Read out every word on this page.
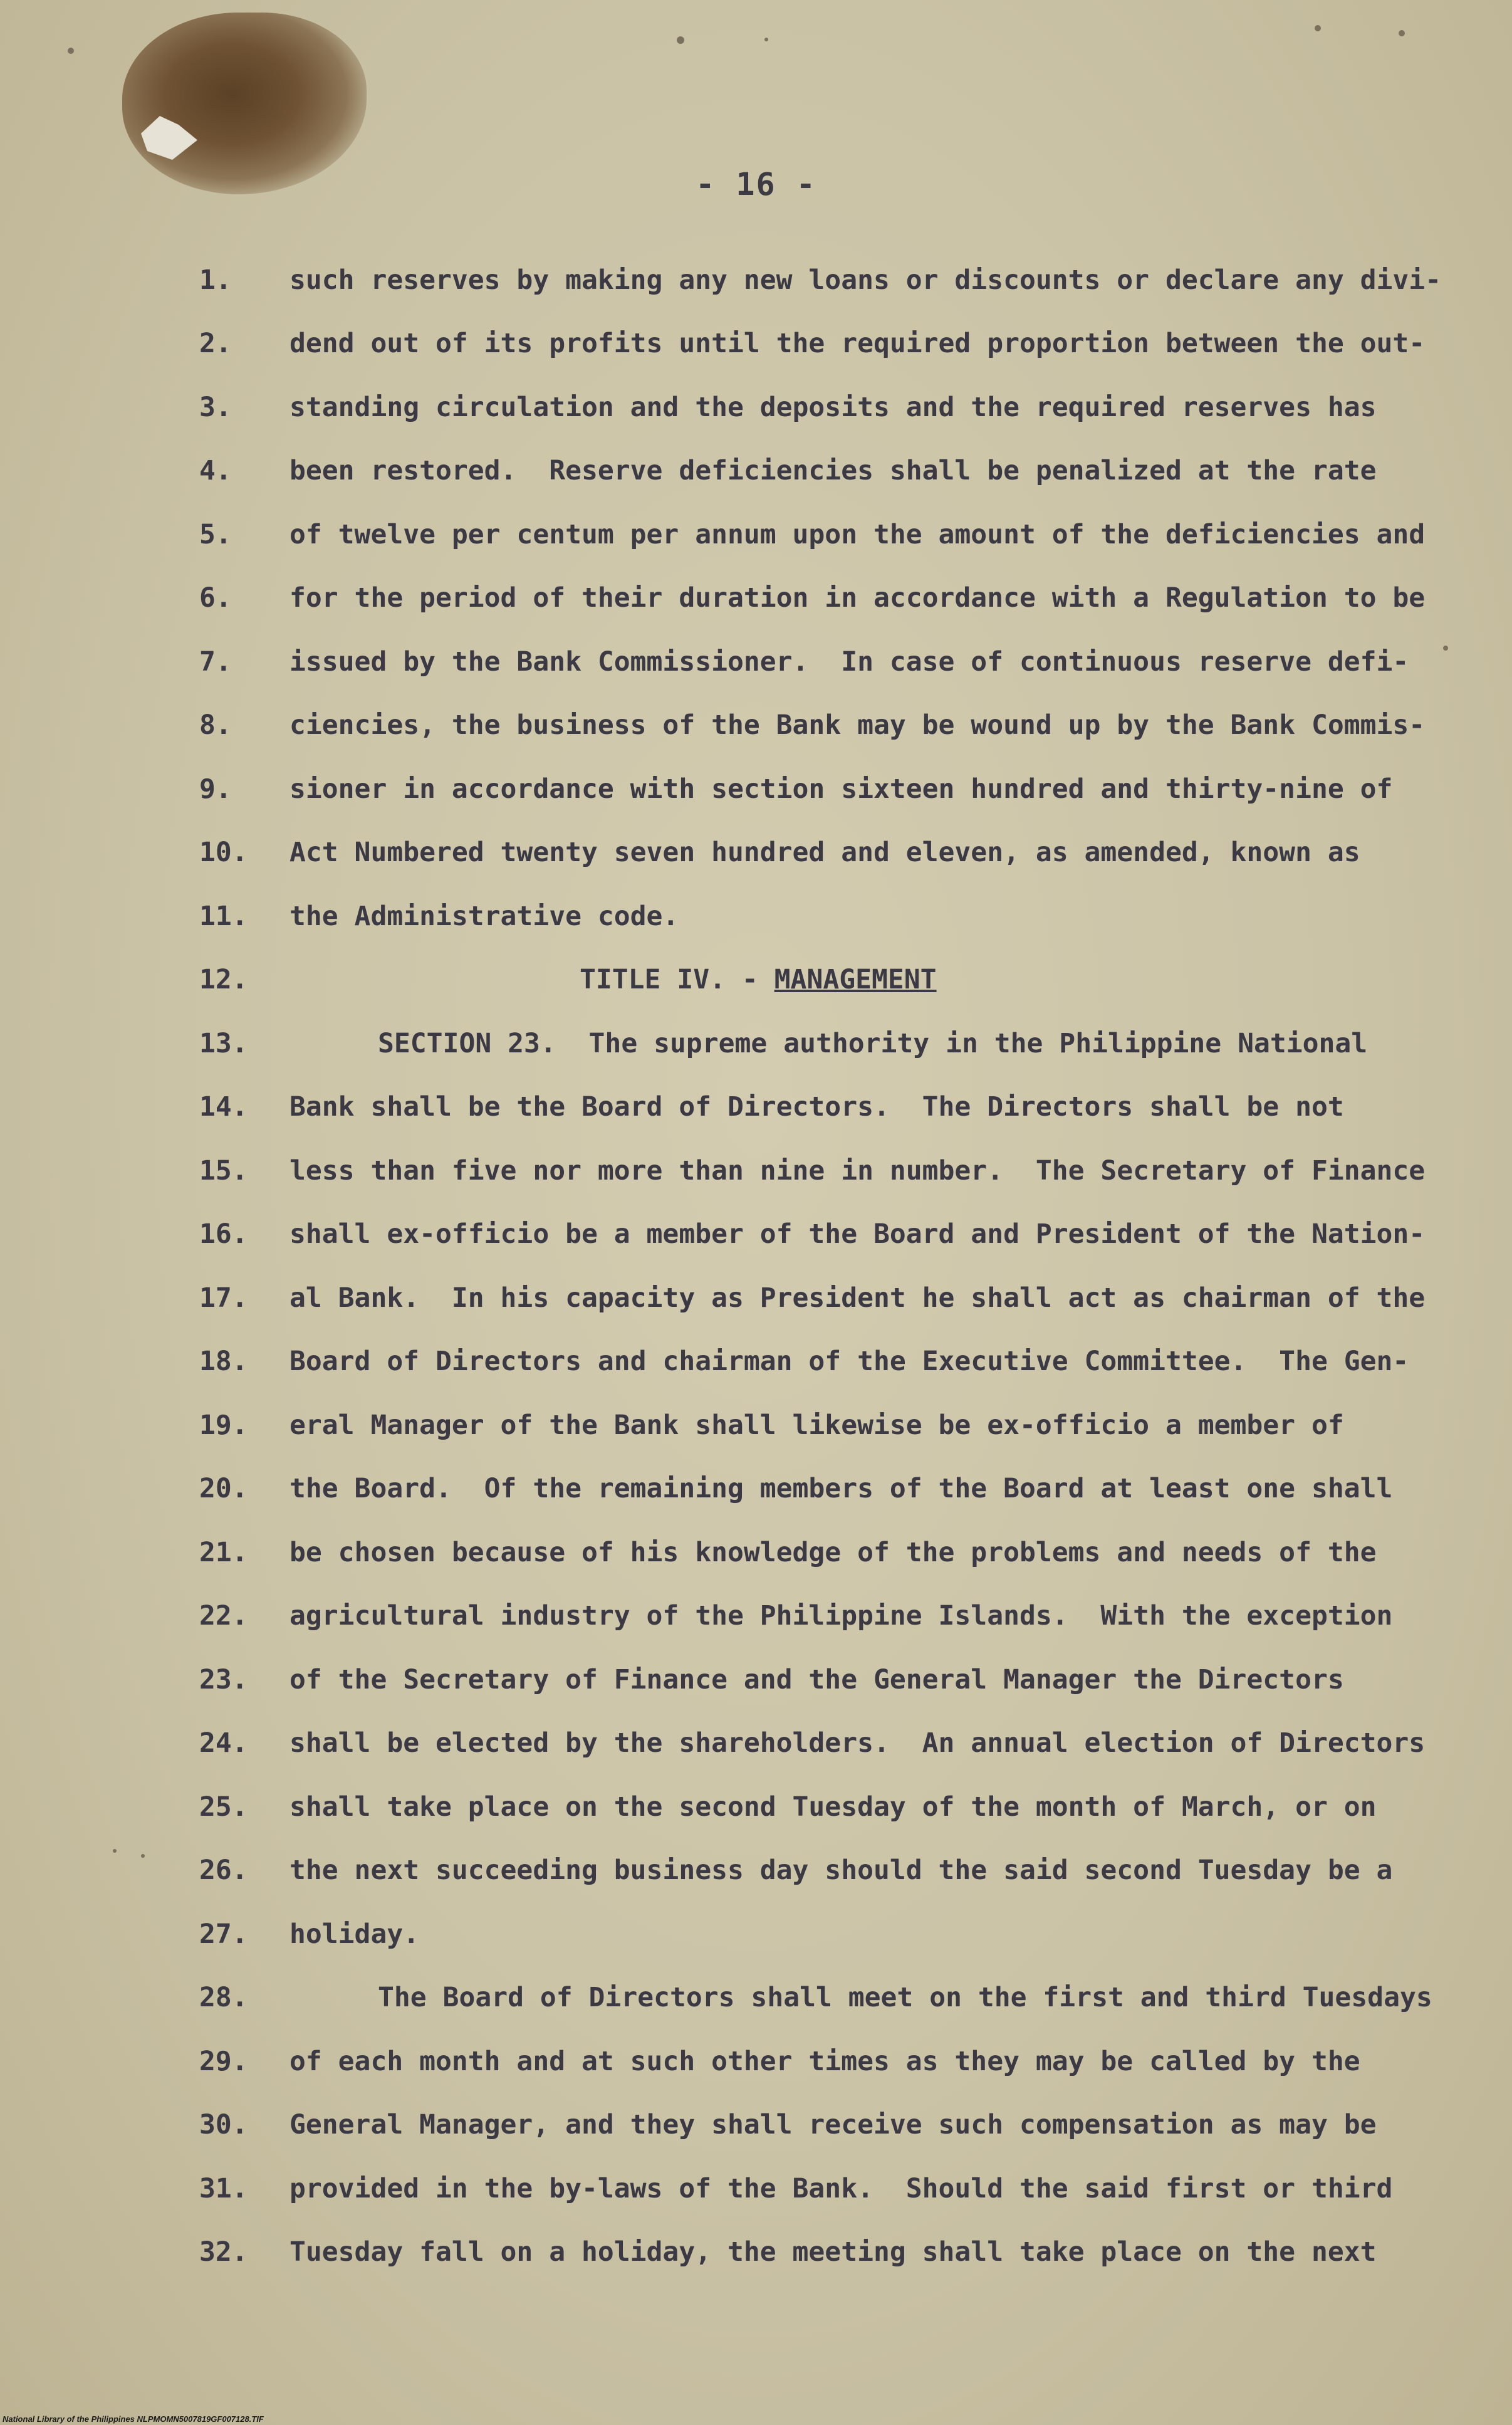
- 16 -
1.	such reserves by making any new loans or discounts or declare any divi-
2.	dend out of its profits until the required proportion between the out-
3.	standing circulation and the deposits and the required reserves has
4.	been restored.  Reserve deficiencies shall be penalized at the rate
5.	of twelve per centum per annum upon the amount of the deficiencies and
6.	for the period of their duration in accordance with a Regulation to be
7.	issued by the Bank Commissioner.  In case of continuous reserve defi-
8.	ciencies, the business of the Bank may be wound up by the Bank Commis-
9.	sioner in accordance with section sixteen hundred and thirty-nine of
10.	Act Numbered twenty seven hundred and eleven, as amended, known as
11.	the Administrative code.
12.	TITLE IV. - MANAGEMENT
13.	SECTION 23.  The supreme authority in the Philippine National
14.	Bank shall be the Board of Directors.  The Directors shall be not
15.	less than five nor more than nine in number.  The Secretary of Finance
16.	shall ex-officio be a member of the Board and President of the Nation-
17.	al Bank.  In his capacity as President he shall act as chairman of the
18.	Board of Directors and chairman of the Executive Committee.  The Gen-
19.	eral Manager of the Bank shall likewise be ex-officio a member of
20.	the Board.  Of the remaining members of the Board at least one shall
21.	be chosen because of his knowledge of the problems and needs of the
22.	agricultural industry of the Philippine Islands.  With the exception
23.	of the Secretary of Finance and the General Manager the Directors
24.	shall be elected by the shareholders.  An annual election of Directors
25.	shall take place on the second Tuesday of the month of March, or on
26.	the next succeeding business day should the said second Tuesday be a
27.	holiday.
28.	The Board of Directors shall meet on the first and third Tuesdays
29.	of each month and at such other times as they may be called by the
30.	General Manager, and they shall receive such compensation as may be
31.	provided in the by-laws of the Bank.  Should the said first or third
32.	Tuesday fall on a holiday, the meeting shall take place on the next
National Library of the Philippines NLPMOMN5007819GF007128.TIF
